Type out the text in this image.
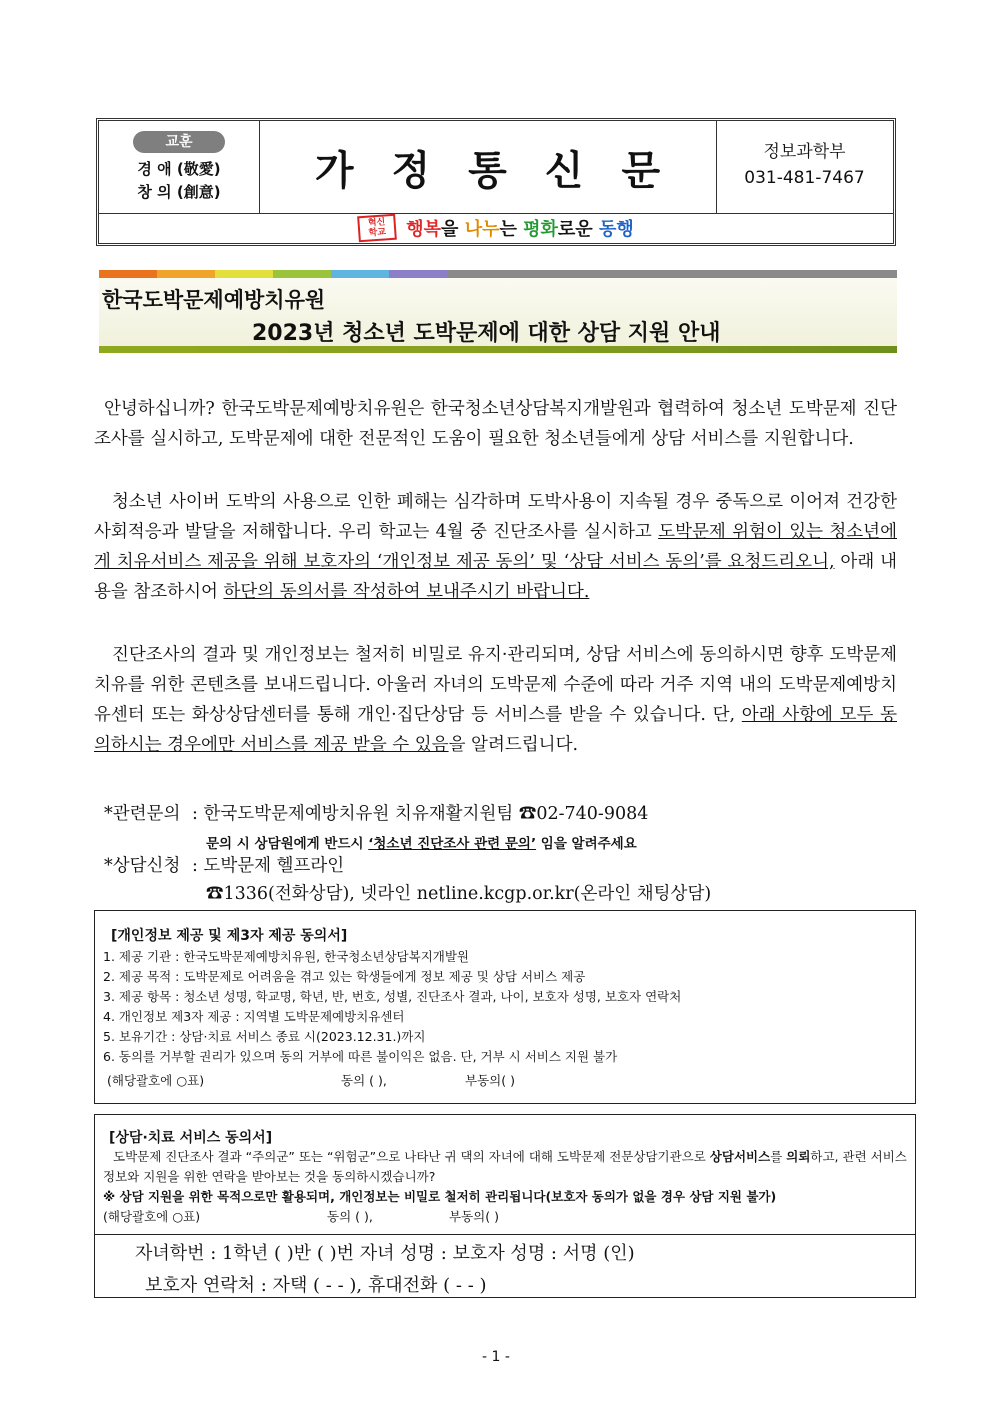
교훈
경 애 (敬愛)
창 의 (創意)	가정통신문	정보과학부
031-481-7467
혁신
학교	행복을 나누는 평화로운 동행
한국도박문제예방치유원
2023년 청소년 도박문제에 대한 상담 지원 안내
안녕하십니까? 한국도박문제예방치유원은 한국청소년상담복지개발원과 협력하여 청소년 도박문제 진단조사를 실시하고, 도박문제에 대한 전문적인 도움이 필요한 청소년들에게 상담 서비스를 지원합니다.
청소년 사이버 도박의 사용으로 인한 폐해는 심각하며 도박사용이 지속될 경우 중독으로 이어져 건강한 사회적응과 발달을 저해합니다. 우리 학교는 4월 중 진단조사를 실시하고 도박문제 위험이 있는 청소년에게 치유서비스 제공을 위해 보호자의 ‘개인정보 제공 동의’ 및 ‘상담 서비스 동의’를 요청드리오니, 아래 내용을 참조하시어 하단의 동의서를 작성하여 보내주시기 바랍니다.
진단조사의 결과 및 개인정보는 철저히 비밀로 유지·관리되며, 상담 서비스에 동의하시면 향후 도박문제 치유를 위한 콘텐츠를 보내드립니다. 아울러 자녀의 도박문제 수준에 따라 거주 지역 내의 도박문제예방치유센터 또는 화상상담센터를 통해 개인·집단상담 등 서비스를 받을 수 있습니다. 단, 아래 사항에 모두 동의하시는 경우에만 서비스를 제공 받을 수 있음을 알려드립니다.
*관련문의 : 한국도박문제예방치유원 치유재활지원팀 ☎02-740-9084
문의 시 상담원에게 반드시 ‘청소년 진단조사 관련 문의’ 임을 알려주세요
*상담신청 : 도박문제 헬프라인
☎1336(전화상담), 넷라인 netline.kcgp.or.kr(온라인 채팅상담)
[개인정보 제공 및 제3자 제공 동의서]
1. 제공 기관 : 한국도박문제예방치유원, 한국청소년상담복지개발원
2. 제공 목적 : 도박문제로 어려움을 겪고 있는 학생들에게 정보 제공 및 상담 서비스 제공
3. 제공 항목 : 청소년 성명, 학교명, 학년, 반, 번호, 성별, 진단조사 결과, 나이, 보호자 성명, 보호자 연락처
4. 개인정보 제3자 제공 : 지역별 도박문제예방치유센터
5. 보유기간 : 상담·치료 서비스 종료 시(2023.12.31.)까지
6. 동의를 거부할 권리가 있으며 동의 거부에 따른 불이익은 없음. 단, 거부 시 서비스 지원 불가
(해당괄호에 ○표)	동의 ( ),	부동의( )
[상담·치료 서비스 동의서]
도박문제 진단조사 결과 “주의군” 또는 “위험군”으로 나타난 귀 댁의 자녀에 대해 도박문제 전문상담기관으로 상담서비스를 의뢰하고, 관련 서비스 정보와 지원을 위한 연락을 받아보는 것을 동의하시겠습니까?
※ 상담 지원을 위한 목적으로만 활용되며, 개인정보는 비밀로 철저히 관리됩니다(보호자 동의가 없을 경우 상담 지원 불가)
(해당괄호에 ○표)	동의 ( ),	부동의( )
자녀학번 : 1학년 ( )반 ( )번 자녀 성명 : 보호자 성명 : 서명 (인)
보호자 연락처 : 자택 ( - - ), 휴대전화 ( - - )
- 1 -
